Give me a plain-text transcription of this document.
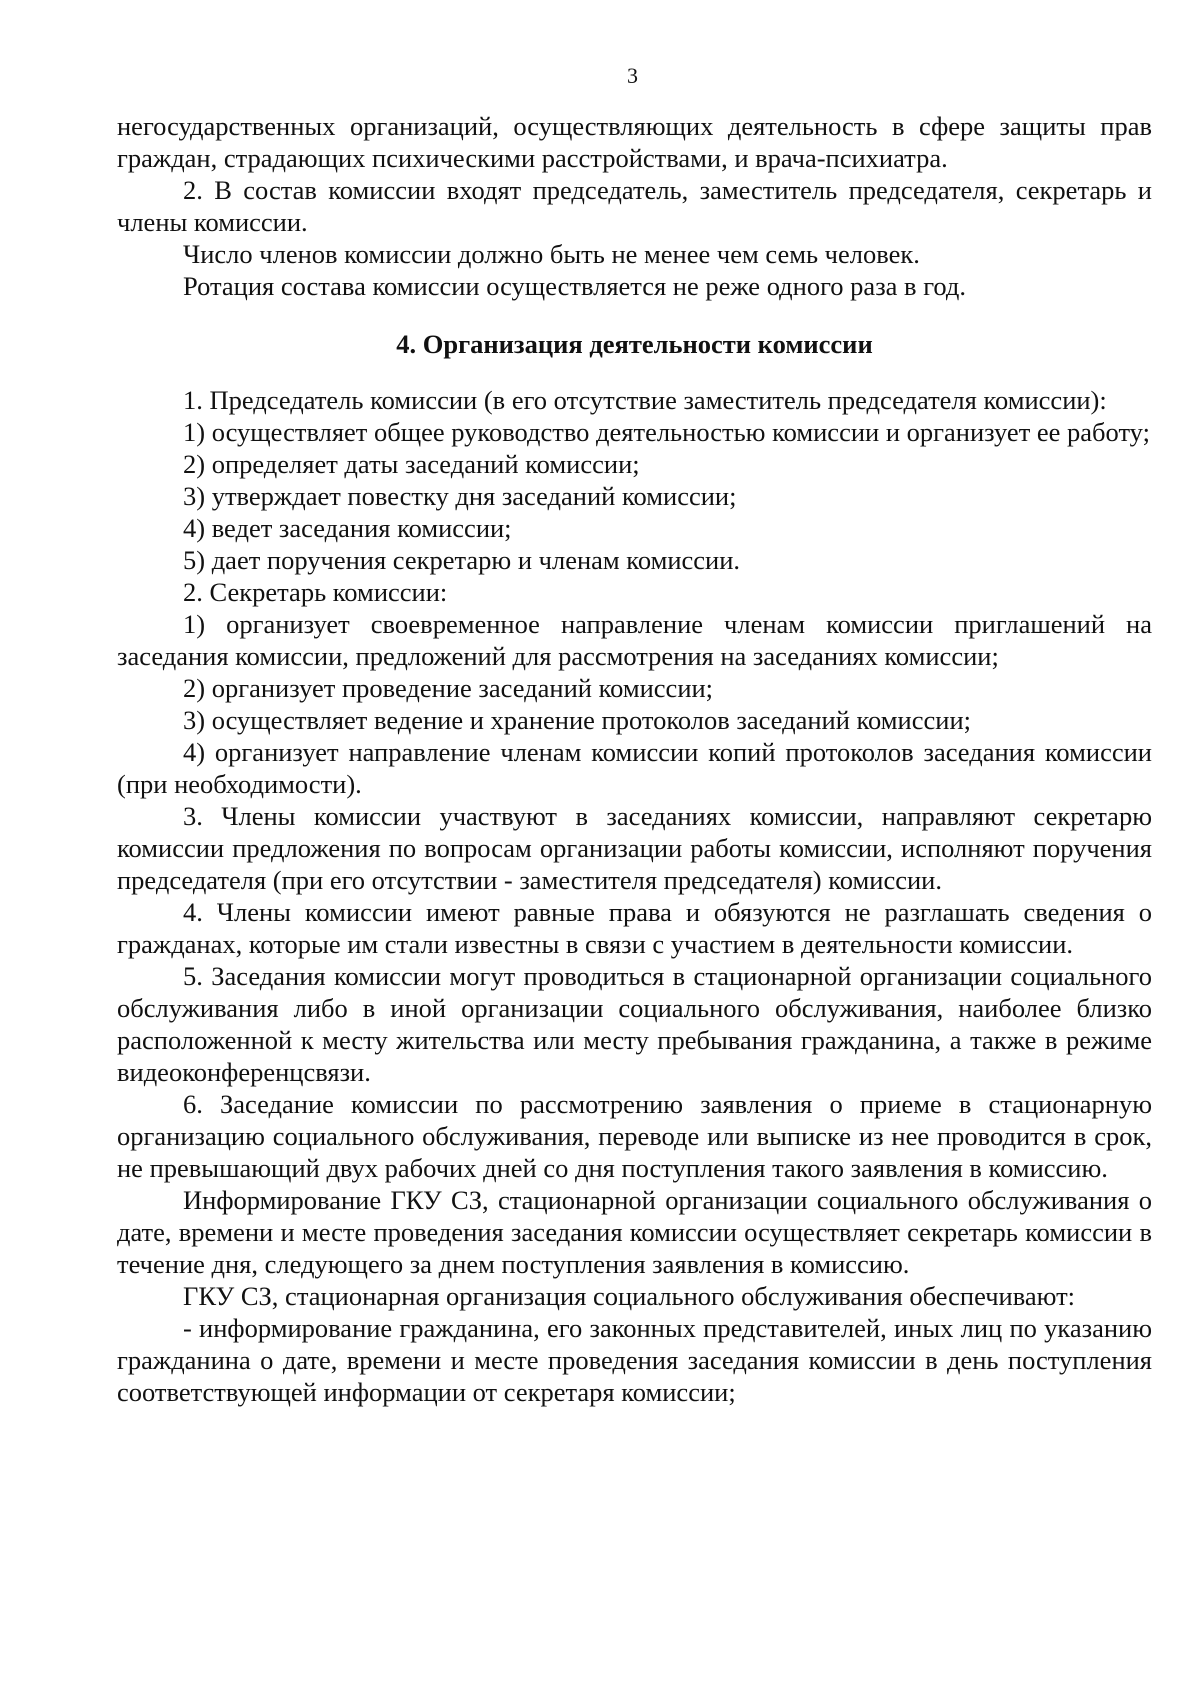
3

негосударственных организаций, осуществляющих деятельность в сфере защиты прав граждан, страдающих психическими расстройствами, и врача-психиатра.

2. В состав комиссии входят председатель, заместитель председателя, секретарь и члены комиссии.

Число членов комиссии должно быть не менее чем семь человек.

Ротация состава комиссии осуществляется не реже одного раза в год.

4. Организация деятельности комиссии

1. Председатель комиссии (в его отсутствие заместитель председателя комиссии):

1) осуществляет общее руководство деятельностью комиссии и организует ее работу;

2) определяет даты заседаний комиссии;

3) утверждает повестку дня заседаний комиссии;

4) ведет заседания комиссии;

5) дает поручения секретарю и членам комиссии.

2. Секретарь комиссии:

1) организует своевременное направление членам комиссии приглашений на заседания комиссии, предложений для рассмотрения на заседаниях комиссии;

2) организует проведение заседаний комиссии;

3) осуществляет ведение и хранение протоколов заседаний комиссии;

4) организует направление членам комиссии копий протоколов заседания комиссии (при необходимости).

3. Члены комиссии участвуют в заседаниях комиссии, направляют секретарю комиссии предложения по вопросам организации работы комиссии, исполняют поручения председателя (при его отсутствии - заместителя председателя) комиссии.

4. Члены комиссии имеют равные права и обязуются не разглашать сведения о гражданах, которые им стали известны в связи с участием в деятельности комиссии.

5. Заседания комиссии могут проводиться в стационарной организации социального обслуживания либо в иной организации социального обслуживания, наиболее близко расположенной к месту жительства или месту пребывания гражданина, а также в режиме видеоконференцсвязи.

6. Заседание комиссии по рассмотрению заявления о приеме в стационарную организацию социального обслуживания, переводе или выписке из нее проводится в срок, не превышающий двух рабочих дней со дня поступления такого заявления в комиссию.

Информирование ГКУ СЗ, стационарной организации социального обслуживания о дате, времени и месте проведения заседания комиссии осуществляет секретарь комиссии в течение дня, следующего за днем поступления заявления в комиссию.

ГКУ СЗ, стационарная организация социального обслуживания обеспечивают:

- информирование гражданина, его законных представителей, иных лиц по указанию гражданина о дате, времени и месте проведения заседания комиссии в день поступления соответствующей информации от секретаря комиссии;
